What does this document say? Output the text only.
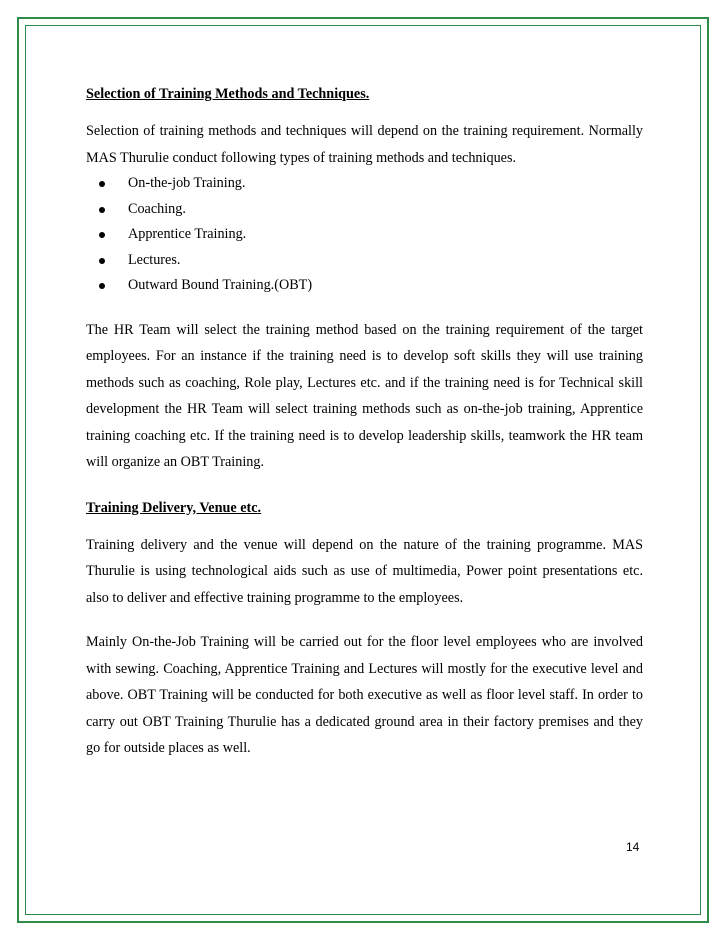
Selection of Training Methods and Techniques.

Selection of training methods and techniques will depend on the training requirement. Normally MAS Thurulie conduct following types of training methods and techniques.

On-the-job Training.
Coaching.
Apprentice Training.
Lectures.
Outward Bound Training.(OBT)

The HR Team will select the training method based on the training requirement of the target employees. For an instance if the training need is to develop soft skills they will use training methods such as coaching, Role play, Lectures etc. and if the training need is for Technical skill development the HR Team will select training methods such as on-the-job training, Apprentice training coaching etc. If the training need is to develop leadership skills, teamwork the HR team will organize an OBT Training.

Training Delivery, Venue etc.

Training delivery and the venue will depend on the nature of the training programme. MAS Thurulie is using technological aids such as use of multimedia, Power point presentations etc. also to deliver and effective training programme to the employees.

Mainly On-the-Job Training will be carried out for the floor level employees who are involved with sewing. Coaching, Apprentice Training and Lectures will mostly for the executive level and above. OBT Training will be conducted for both executive as well as floor level staff. In order to carry out OBT Training Thurulie has a dedicated ground area in their factory premises and they go for outside places as well.

14
